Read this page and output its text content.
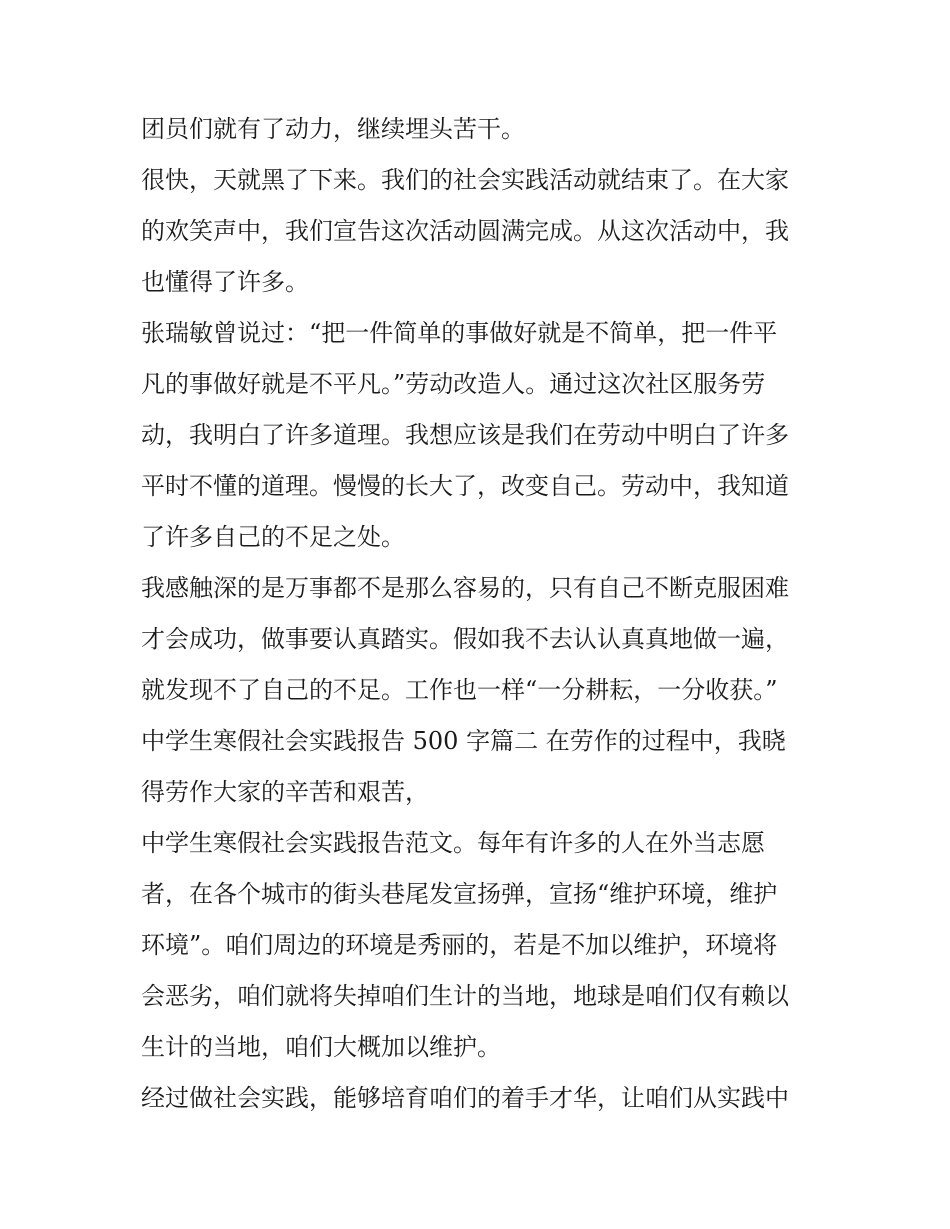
团员们就有了动力，继续埋头苦干。
很快，天就黑了下来。我们的社会实践活动就结束了。在大家
的欢笑声中，我们宣告这次活动圆满完成。从这次活动中，我
也懂得了许多。
张瑞敏曾说过：“把一件简单的事做好就是不简单，把一件平
凡的事做好就是不平凡。”劳动改造人。通过这次社区服务劳
动，我明白了许多道理。我想应该是我们在劳动中明白了许多
平时不懂的道理。慢慢的长大了，改变自己。劳动中，我知道
了许多自己的不足之处。
我感触深的是万事都不是那么容易的，只有自己不断克服困难
才会成功，做事要认真踏实。假如我不去认认真真地做一遍，
就发现不了自己的不足。工作也一样“一分耕耘，一分收获。”
中学生寒假社会实践报告 500 字篇二 在劳作的过程中，我晓
得劳作大家的辛苦和艰苦，
中学生寒假社会实践报告范文。每年有许多的人在外当志愿
者，在各个城市的街头巷尾发宣扬弹，宣扬“维护环境，维护
环境”。咱们周边的环境是秀丽的，若是不加以维护，环境将
会恶劣，咱们就将失掉咱们生计的当地，地球是咱们仅有赖以
生计的当地，咱们大概加以维护。
经过做社会实践，能够培育咱们的着手才华，让咱们从实践中
